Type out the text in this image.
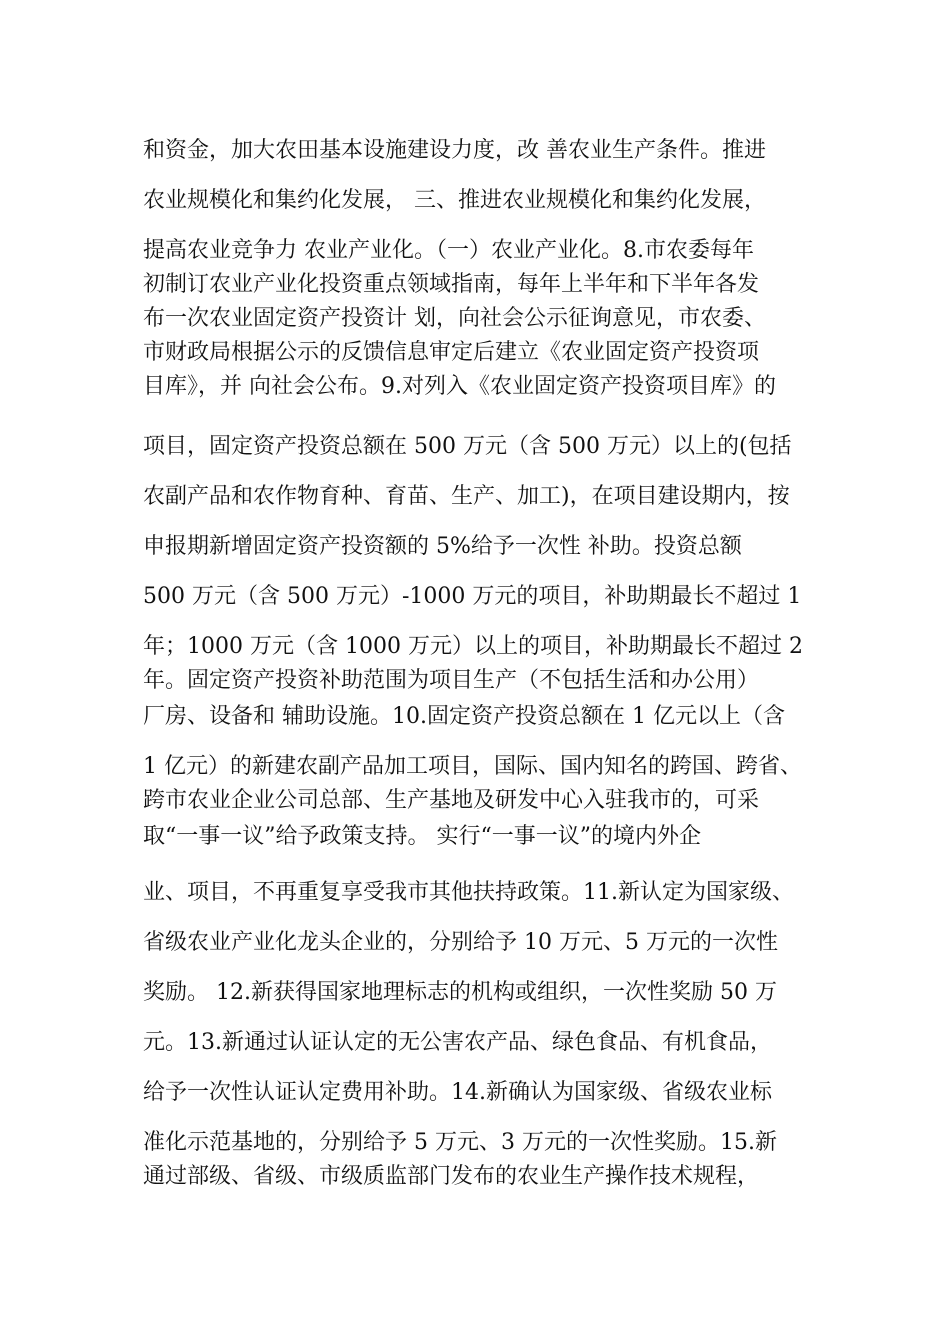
和资金，加大农田基本设施建设力度，改 善农业生产条件。推进
农业规模化和集约化发展， 三、推进农业规模化和集约化发展，
提高农业竞争力 农业产业化。（一）农业产业化。8.市农委每年
初制订农业产业化投资重点领域指南，每年上半年和下半年各发
布一次农业固定资产投资计 划，向社会公示征询意见，市农委、
市财政局根据公示的反馈信息审定后建立《农业固定资产投资项
目库》，并 向社会公布。9.对列入《农业固定资产投资项目库》的
项目，固定资产投资总额在 500 万元（含 500 万元）以上的(包括
农副产品和农作物育种、育苗、生产、加工)，在项目建设期内，按
申报期新增固定资产投资额的 5%给予一次性 补助。投资总额
500 万元（含 500 万元）-1000 万元的项目，补助期最长不超过 1
年；1000 万元（含 1000 万元）以上的项目，补助期最长不超过 2
年。固定资产投资补助范围为项目生产（不包括生活和办公用）
厂房、设备和 辅助设施。10.固定资产投资总额在 1 亿元以上（含
1 亿元）的新建农副产品加工项目，国际、国内知名的跨国、跨省、
跨市农业企业公司总部、生产基地及研发中心入驻我市的，可采
取“一事一议”给予政策支持。 实行“一事一议”的境内外企
业、项目，不再重复享受我市其他扶持政策。11.新认定为国家级、
省级农业产业化龙头企业的，分别给予 10 万元、5 万元的一次性
奖励。 12.新获得国家地理标志的机构或组织，一次性奖励 50 万
元。13.新通过认证认定的无公害农产品、绿色食品、有机食品，
给予一次性认证认定费用补助。14.新确认为国家级、省级农业标
准化示范基地的，分别给予 5 万元、3 万元的一次性奖励。15.新
通过部级、省级、市级质监部门发布的农业生产操作技术规程，
